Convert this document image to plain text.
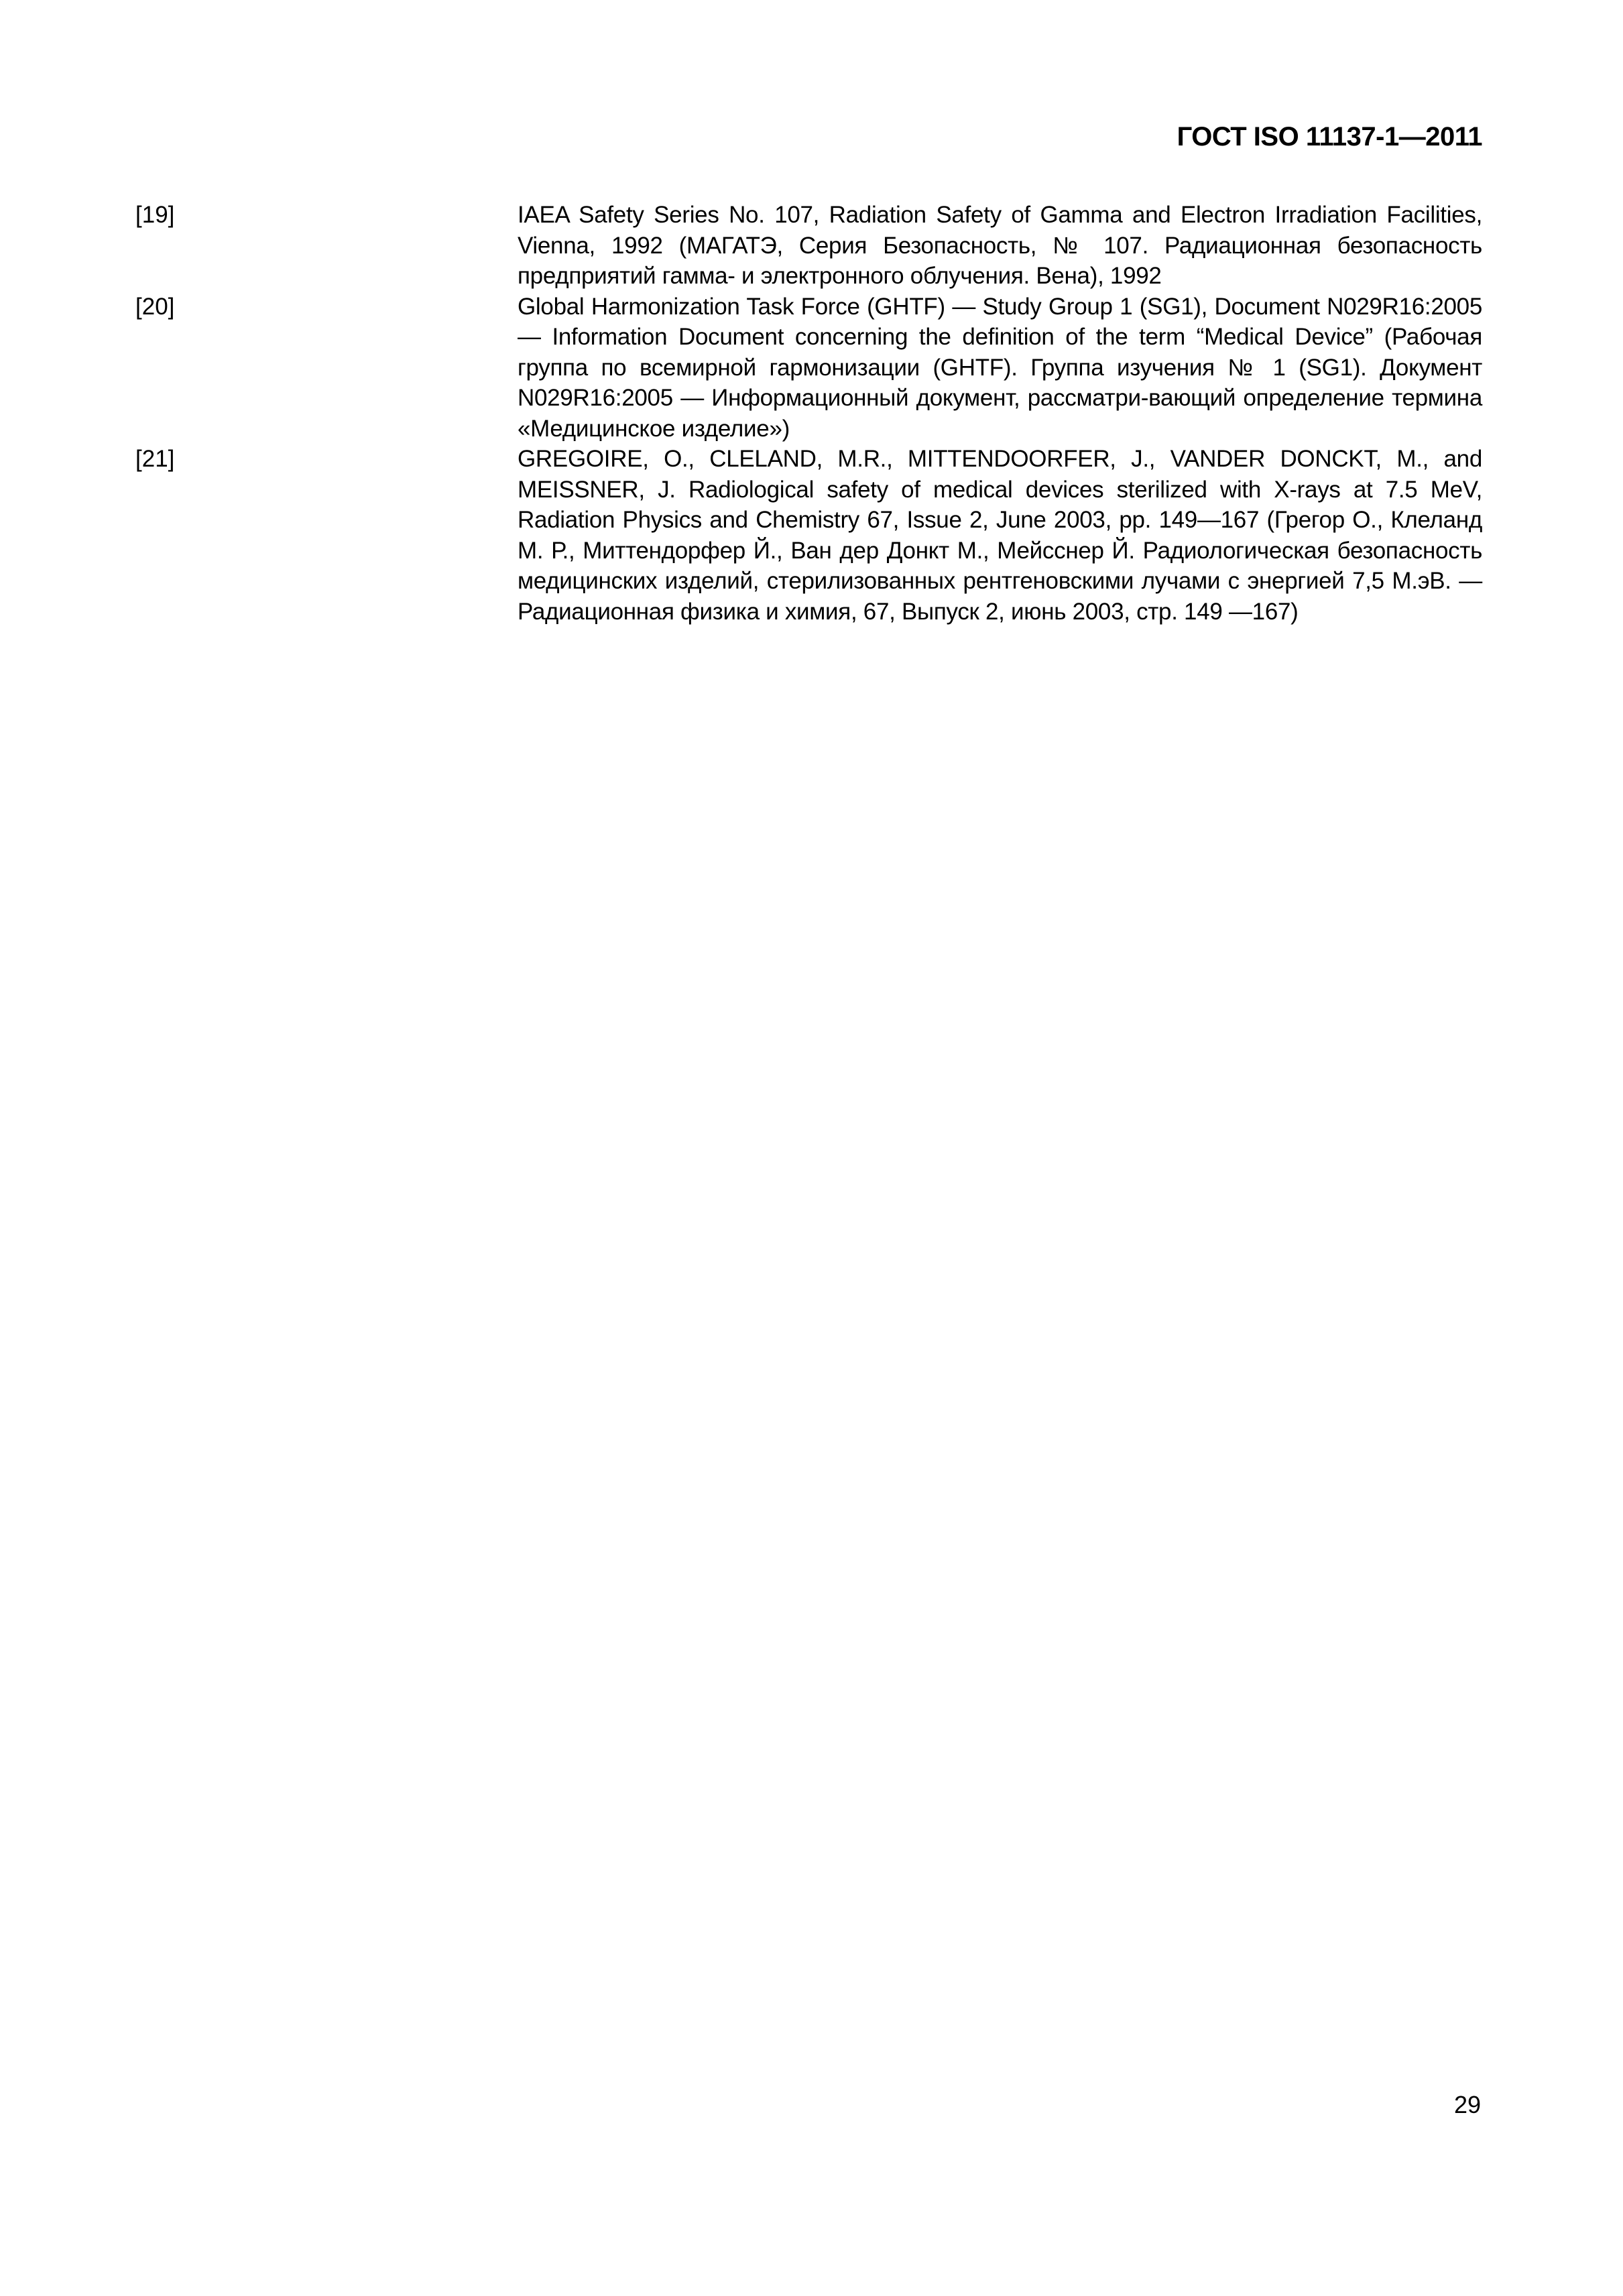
ГОСТ ISO 11137-1—2011
[19]	IAEA Safety Series No. 107, Radiation Safety of Gamma and Electron Irradiation Facilities, Vienna, 1992 (МАГАТЭ, Серия Безопасность, № 107. Радиационная безопасность предприятий гамма- и электронного облучения. Вена), 1992
[20]	Global Harmonization Task Force (GHTF) — Study Group 1 (SG1), Document N029R16:2005 — Information Document concerning the definition of the term “Medical Device” (Рабочая группа по всемирной гармонизации (GHTF). Группа изучения № 1 (SG1). Документ N029R16:2005 — Информационный документ, рассматри-вающий определение термина «Медицинское изделие»)
[21]	GREGOIRE, O., CLELAND, M.R., MITTENDOORFER, J., VANDER DONCKT, M., and MEISSNER, J. Radiological safety of medical devices sterilized with X-rays at 7.5 MeV, Radiation Physics and Chemistry 67, Issue 2, June 2003, pp. 149—167 (Грегор О., Клеланд М. Р., Миттендорфер Й., Ван дер Донкт М., Мейсснер Й. Радиологическая безопасность медицинских изделий, стерилизованных рентгеновскими лучами с энергией 7,5 М.эВ. — Радиационная физика и химия, 67, Выпуск 2, июнь 2003, стр. 149 —167)
29
